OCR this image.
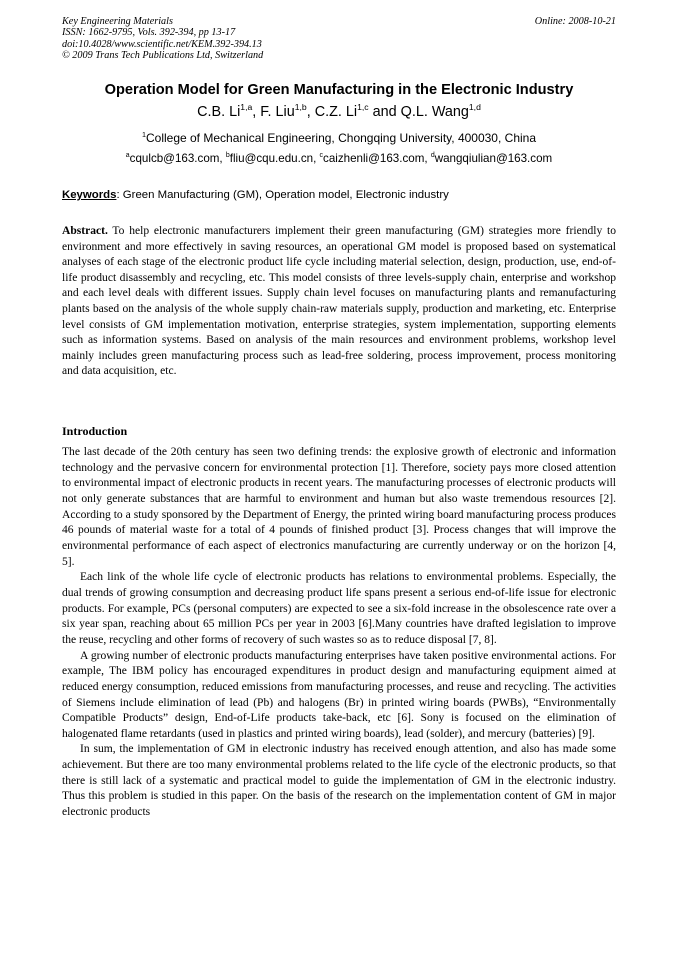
Key Engineering Materials
ISSN: 1662-9795, Vols. 392-394, pp 13-17
doi:10.4028/www.scientific.net/KEM.392-394.13
© 2009 Trans Tech Publications Ltd, Switzerland
Online: 2008-10-21
Operation Model for Green Manufacturing in the Electronic Industry
C.B. Li$^{1,a}$, F. Liu$^{1,b}$, C.Z. Li$^{1,c}$ and Q.L. Wang$^{1,d}$
$^1$College of Mechanical Engineering, Chongqing University, 400030, China
$^a$cqulcb@163.com, $^b$fliu@cqu.edu.cn, $^c$caizhenli@163.com, $^d$wangqiulian@163.com
Keywords: Green Manufacturing (GM), Operation model, Electronic industry
Abstract. To help electronic manufacturers implement their green manufacturing (GM) strategies more friendly to environment and more effectively in saving resources, an operational GM model is proposed based on systematical analyses of each stage of the electronic product life cycle including material selection, design, production, use, end-of-life product disassembly and recycling, etc. This model consists of three levels-supply chain, enterprise and workshop and each level deals with different issues. Supply chain level focuses on manufacturing plants and remanufacturing plants based on the analysis of the whole supply chain-raw materials supply, production and marketing, etc. Enterprise level consists of GM implementation motivation, enterprise strategies, system implementation, supporting elements such as information systems. Based on analysis of the main resources and environment problems, workshop level mainly includes green manufacturing process such as lead-free soldering, process improvement, process monitoring and data acquisition, etc.
Introduction

The last decade of the 20th century has seen two defining trends: the explosive growth of electronic and information technology and the pervasive concern for environmental protection [1]. Therefore, society pays more closed attention to environmental impact of electronic products in recent years. The manufacturing processes of electronic products will not only generate substances that are harmful to environment and human but also waste tremendous resources [2]. According to a study sponsored by the Department of Energy, the printed wiring board manufacturing process produces 46 pounds of material waste for a total of 4 pounds of finished product [3]. Process changes that will improve the environmental performance of each aspect of electronics manufacturing are currently underway or on the horizon [4, 5].

Each link of the whole life cycle of electronic products has relations to environmental problems. Especially, the dual trends of growing consumption and decreasing product life spans present a serious end-of-life issue for electronic products. For example, PCs (personal computers) are expected to see a six-fold increase in the obsolescence rate over a six year span, reaching about 65 million PCs per year in 2003 [6].Many countries have drafted legislation to improve the reuse, recycling and other forms of recovery of such wastes so as to reduce disposal [7, 8].

A growing number of electronic products manufacturing enterprises have taken positive environmental actions. For example, The IBM policy has encouraged expenditures in product design and manufacturing equipment aimed at reduced energy consumption, reduced emissions from manufacturing processes, and reuse and recycling. The activities of Siemens include elimination of lead (Pb) and halogens (Br) in printed wiring boards (PWBs), “Environmentally Compatible Products” design, End-of-Life products take-back, etc [6]. Sony is focused on the elimination of halogenated flame retardants (used in plastics and printed wiring boards), lead (solder), and mercury (batteries) [9].

In sum, the implementation of GM in electronic industry has received enough attention, and also has made some achievement. But there are too many environmental problems related to the life cycle of the electronic products, so that there is still lack of a systematic and practical model to guide the implementation of GM in the electronic industry. Thus this problem is studied in this paper. On the basis of the research on the implementation content of GM in major electronic products
